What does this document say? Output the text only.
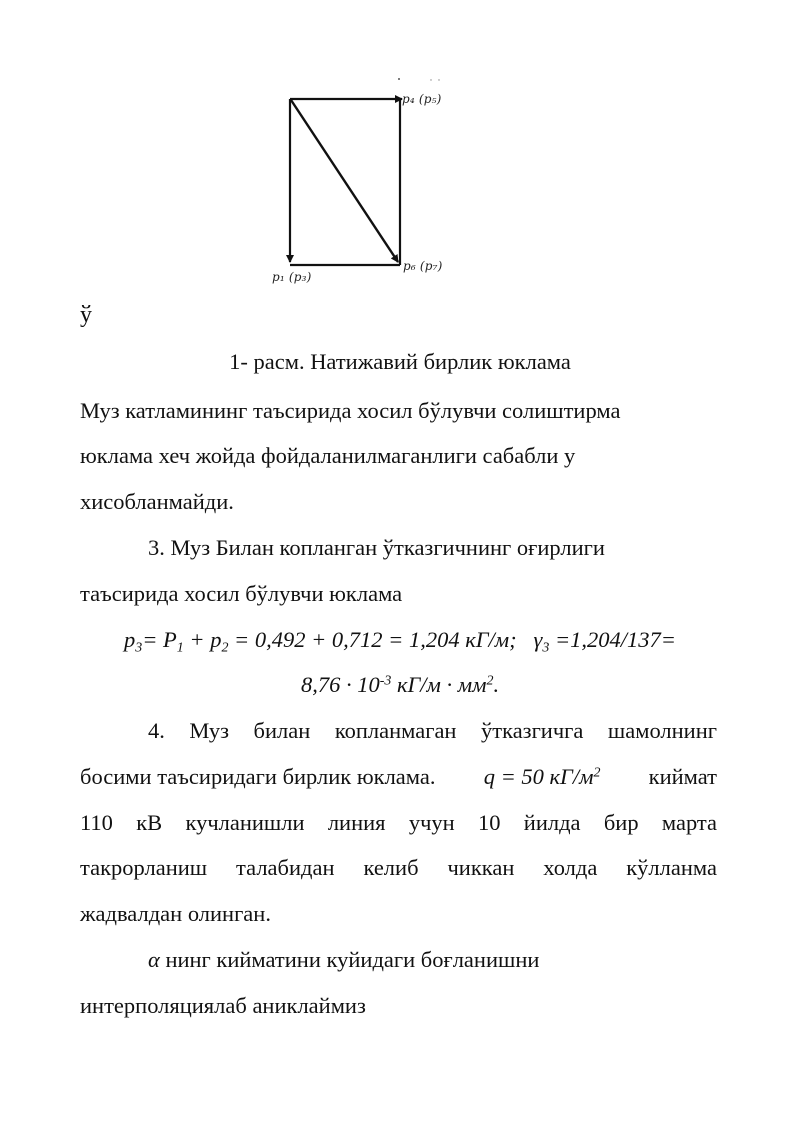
p₄ (p₅)
p₆ (p₇)
p₁ (p₃)
ў
1- расм. Натижавий бирлик юклама
Муз катламининг таъсирида хосил бўлувчи солиштирма
юклама хеч жойда фойдаланилмаганлиги сабабли у
хисобланмайди.
3. Муз Билан копланган ўтказгичнинг оғирлиги
таъсирида хосил бўлувчи юклама
$p_3= P_1 + p_2 = 0,492 + 0,712 = 1,204$ кГ/м; $\gamma_3 =1,204/137=$
$8,76 \cdot 10^{-3}$ $кГ/м \cdot мм^2$.
4. Муз билан копланмаган ўтказгичга шамолнинг
босими таъсиридаги бирлик юклама. q = 50 $кГ/м^2$ киймат
110 кВ кучланишли линия учун 10 йилда бир марта
такрорланиш талабидан келиб чиккан холда кўлланма
жадвалдан олинган.
α нинг кийматини куйидаги боғланишни
интерполяциялаб аниклаймиз
